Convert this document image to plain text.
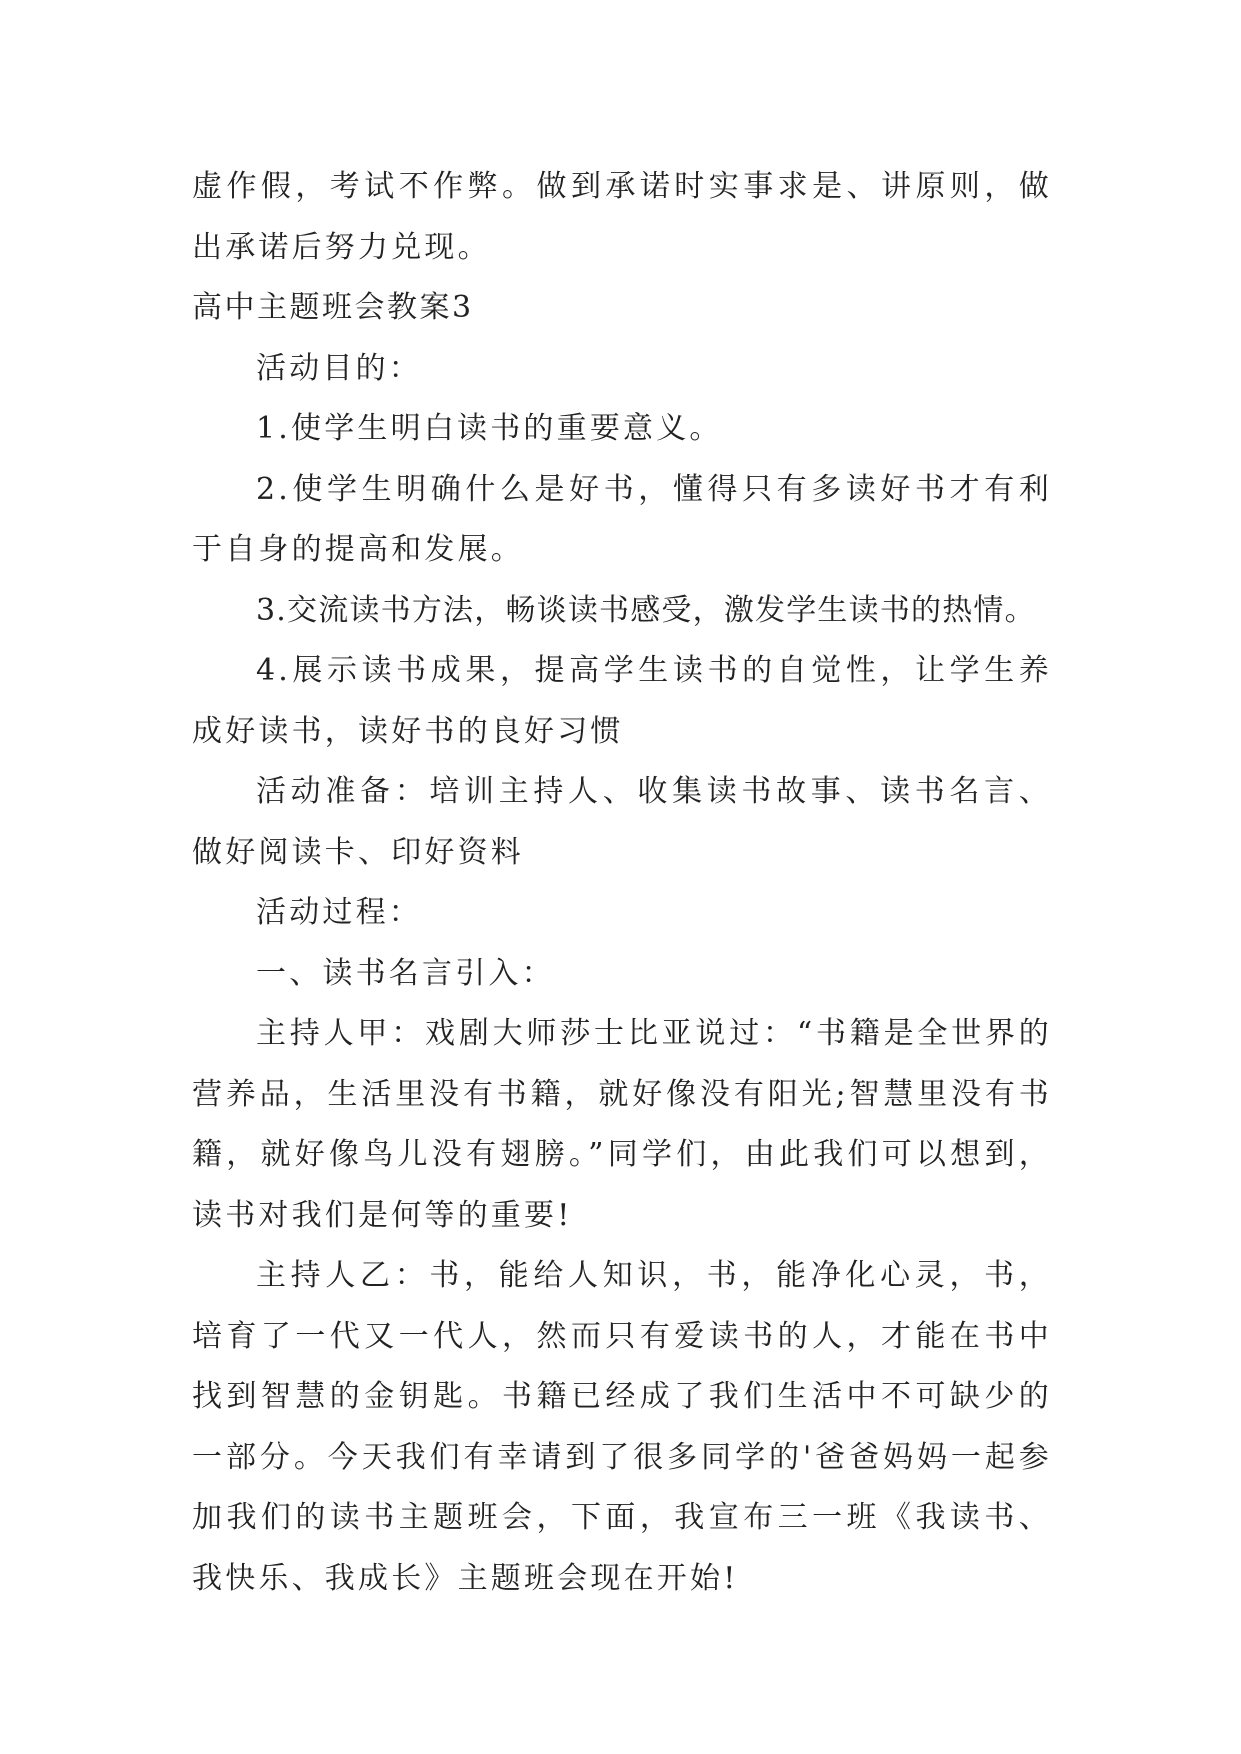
虚作假，考试不作弊。做到承诺时实事求是、讲原则，做出承诺后努力兑现。

高中主题班会教案3

活动目的：

1.使学生明白读书的重要意义。

2.使学生明确什么是好书，懂得只有多读好书才有利于自身的提高和发展。

3.交流读书方法，畅谈读书感受，激发学生读书的热情。

4.展示读书成果，提高学生读书的自觉性，让学生养成好读书，读好书的良好习惯

活动准备：培训主持人、收集读书故事、读书名言、做好阅读卡、印好资料

活动过程：

一、读书名言引入：

主持人甲：戏剧大师莎士比亚说过：“书籍是全世界的营养品，生活里没有书籍，就好像没有阳光;智慧里没有书籍，就好像鸟儿没有翅膀。”同学们，由此我们可以想到，读书对我们是何等的重要!

主持人乙：书，能给人知识，书，能净化心灵，书，培育了一代又一代人，然而只有爱读书的人，才能在书中找到智慧的金钥匙。书籍已经成了我们生活中不可缺少的一部分。今天我们有幸请到了很多同学的'爸爸妈妈一起参加我们的读书主题班会，下面，我宣布三一班《我读书、我快乐、我成长》主题班会现在开始!
